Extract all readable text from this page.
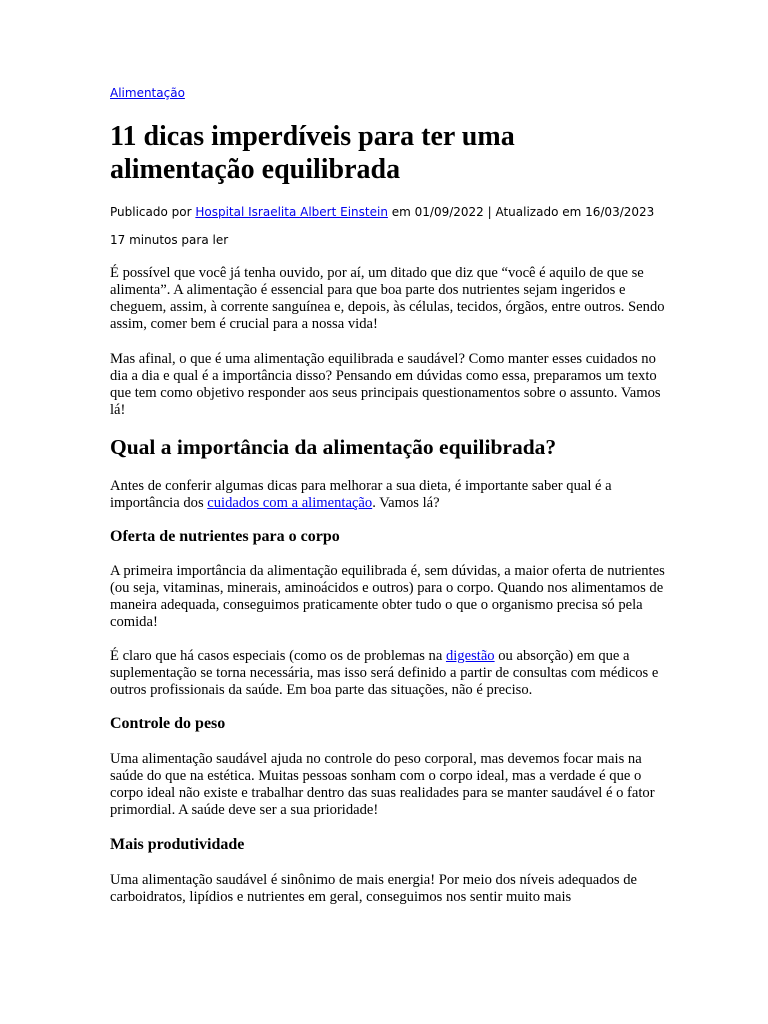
Alimentação
11 dicas imperdíveis para ter uma alimentação equilibrada
Publicado por Hospital Israelita Albert Einstein em 01/09/2022 | Atualizado em 16/03/2023
17 minutos para ler

É possível que você já tenha ouvido, por aí, um ditado que diz que “você é aquilo de que se alimenta”. A alimentação é essencial para que boa parte dos nutrientes sejam ingeridos e cheguem, assim, à corrente sanguínea e, depois, às células, tecidos, órgãos, entre outros. Sendo assim, comer bem é crucial para a nossa vida!

Mas afinal, o que é uma alimentação equilibrada e saudável? Como manter esses cuidados no dia a dia e qual é a importância disso? Pensando em dúvidas como essa, preparamos um texto que tem como objetivo responder aos seus principais questionamentos sobre o assunto. Vamos lá!

Qual a importância da alimentação equilibrada?

Antes de conferir algumas dicas para melhorar a sua dieta, é importante saber qual é a importância dos cuidados com a alimentação. Vamos lá?

Oferta de nutrientes para o corpo

A primeira importância da alimentação equilibrada é, sem dúvidas, a maior oferta de nutrientes (ou seja, vitaminas, minerais, aminoácidos e outros) para o corpo. Quando nos alimentamos de maneira adequada, conseguimos praticamente obter tudo o que o organismo precisa só pela comida!

É claro que há casos especiais (como os de problemas na digestão ou absorção) em que a suplementação se torna necessária, mas isso será definido a partir de consultas com médicos e outros profissionais da saúde. Em boa parte das situações, não é preciso.

Controle do peso

Uma alimentação saudável ajuda no controle do peso corporal, mas devemos focar mais na saúde do que na estética. Muitas pessoas sonham com o corpo ideal, mas a verdade é que o corpo ideal não existe e trabalhar dentro das suas realidades para se manter saudável é o fator primordial. A saúde deve ser a sua prioridade!

Mais produtividade

Uma alimentação saudável é sinônimo de mais energia! Por meio dos níveis adequados de carboidratos, lipídios e nutrientes em geral, conseguimos nos sentir muito mais
